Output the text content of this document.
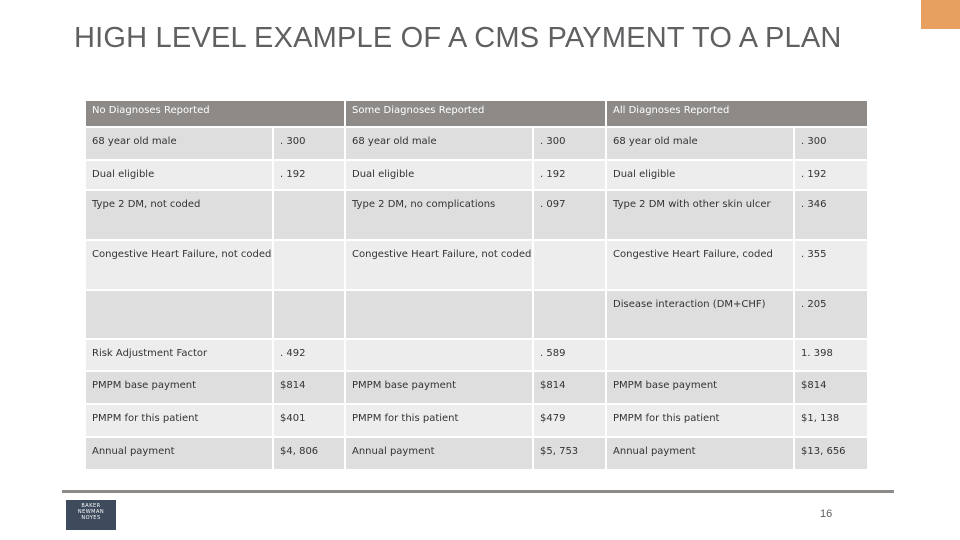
HIGH LEVEL EXAMPLE OF A CMS PAYMENT TO A PLAN
No Diagnoses Reported		Some Diagnoses Reported		All Diagnoses Reported	
68 year old male	. 300	68 year old male	. 300	68 year old male	. 300
Dual eligible	. 192	Dual eligible	. 192	Dual eligible	. 192
Type 2 DM, not coded		Type 2 DM, no complications	. 097	Type 2 DM with other skin ulcer	. 346
Congestive Heart Failure, not coded		Congestive Heart Failure, not coded		Congestive Heart Failure, coded	. 355
				Disease interaction (DM+CHF)	. 205
Risk Adjustment Factor	. 492		. 589		1. 398
PMPM base payment	$814	PMPM base payment	$814	PMPM base payment	$814
PMPM for this patient	$401	PMPM for this patient	$479	PMPM for this patient	$1, 138
Annual payment	$4, 806	Annual payment	$5, 753	Annual payment	$13, 656
BAKER
NEWMAN
NOYES	16
